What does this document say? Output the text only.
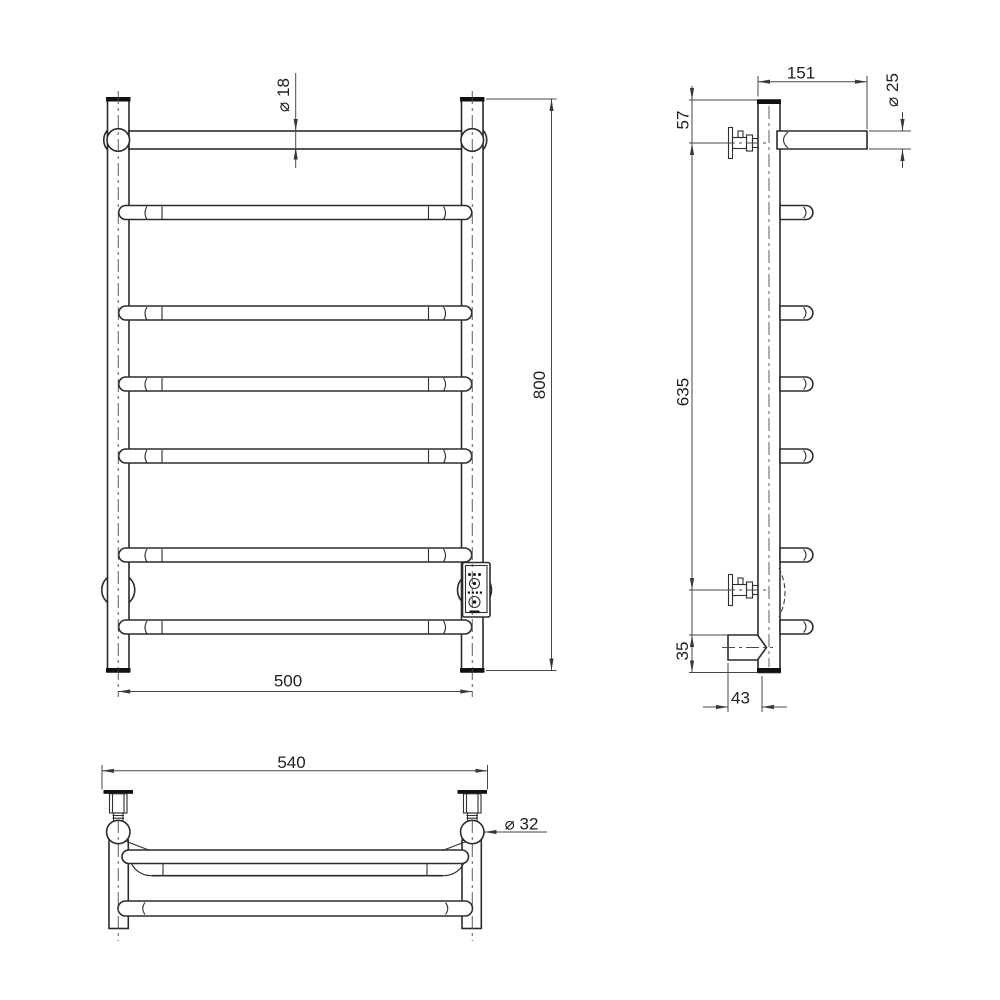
⌀ 18
800
500
151
⌀ 25
57
635
35
43
540
⌀ 32
